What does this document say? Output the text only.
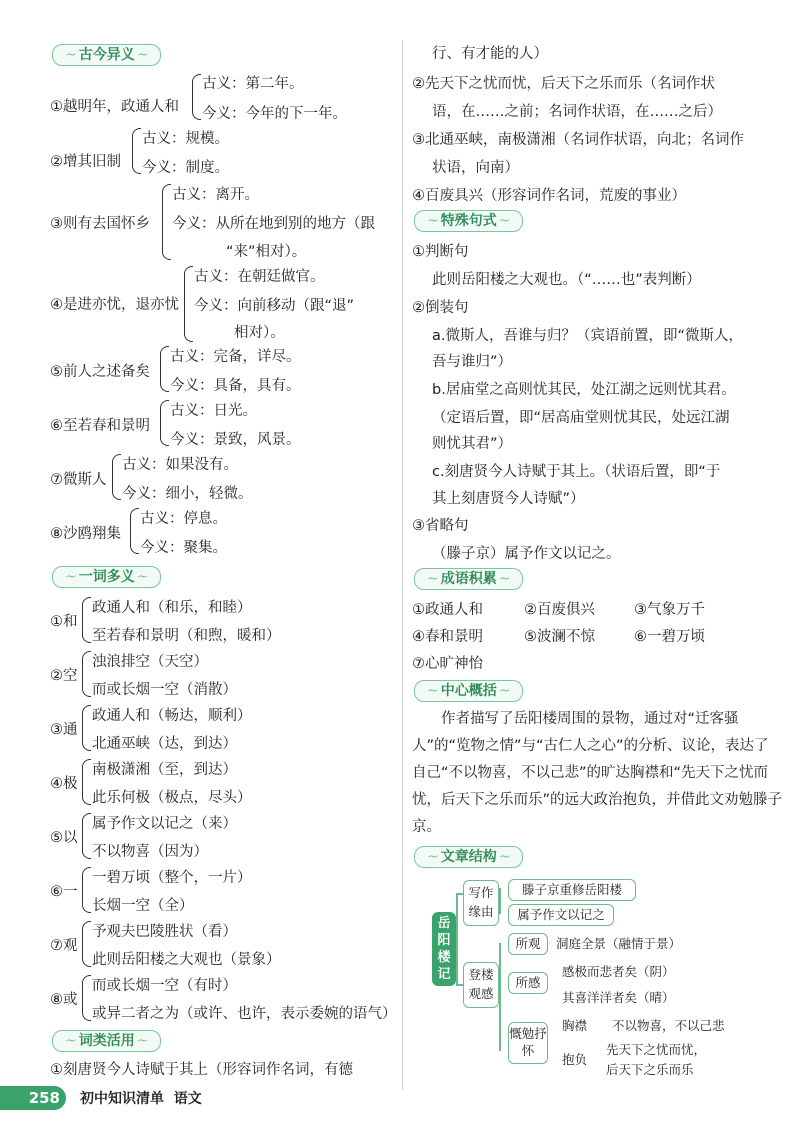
~ 古今异义 ~
①越明年，政通人和
古义：第二年。
今义：今年的下一年。
②增其旧制
古义：规模。
今义：制度。
③则有去国怀乡
古义：离开。
今义：从所在地到别的地方（跟
“来”相对）。
④是进亦忧，退亦忧
古义：在朝廷做官。
今义：向前移动（跟“退”
相对）。
⑤前人之述备矣
古义：完备，详尽。
今义：具备，具有。
⑥至若春和景明
古义：日光。
今义：景致，风景。
⑦微斯人
古义：如果没有。
今义：细小，轻微。
⑧沙鸥翔集
古义：停息。
今义：聚集。
~ 一词多义 ~
①和
政通人和（和乐，和睦）
至若春和景明（和煦，暖和）
②空
浊浪排空（天空）
而或长烟一空（消散）
③通
政通人和（畅达，顺利）
北通巫峡（达，到达）
④极
南极潇湘（至，到达）
此乐何极（极点，尽头）
⑤以
属予作文以记之（来）
不以物喜（因为）
⑥一
一碧万顷（整个，一片）
长烟一空（全）
⑦观
予观夫巴陵胜状（看）
此则岳阳楼之大观也（景象）
⑧或
而或长烟一空（有时）
或异二者之为（或许、也许，表示委婉的语气）
~ 词类活用 ~
①刻唐贤今人诗赋于其上（形容词作名词，有德
行、有才能的人）
②先天下之忧而忧，后天下之乐而乐（名词作状
语，在……之前；名词作状语，在……之后）
③北通巫峡，南极潇湘（名词作状语，向北；名词作
状语，向南）
④百废具兴（形容词作名词，荒废的事业）
~ 特殊句式 ~
①判断句
此则岳阳楼之大观也。（“……也”表判断）
②倒装句
a.微斯人，吾谁与归？（宾语前置，即“微斯人，
吾与谁归”）
b.居庙堂之高则忧其民，处江湖之远则忧其君。
（定语后置，即“居高庙堂则忧其民，处远江湖
则忧其君”）
c.刻唐贤今人诗赋于其上。（状语后置，即“于
其上刻唐贤今人诗赋”）
③省略句
（滕子京）属予作文以记之。
~ 成语积累 ~
①政通人和	②百废俱兴	③气象万千
④春和景明	⑤波澜不惊	⑥一碧万顷
⑦心旷神怡
~ 中心概括 ~
作者描写了岳阳楼周围的景物，通过对“迁客骚人”的“览物之情”与“古仁人之心”的分析、议论，表达了自己“不以物喜，不以己悲”的旷达胸襟和“先天下之忧而忧，后天下之乐而乐”的远大政治抱负，并借此文劝勉滕子京。
~ 文章结构 ~
岳阳楼记
写作缘由
滕子京重修岳阳楼
属予作文以记之
登楼观感
所观	洞庭全景（融情于景）
所感
感极而悲者矣（阴）
其喜洋洋者矣（晴）
慨勉抒怀
胸襟 不以物喜，不以己悲
抱负
先天下之忧而忧，
后天下之乐而乐
258	初中知识清单 语文
